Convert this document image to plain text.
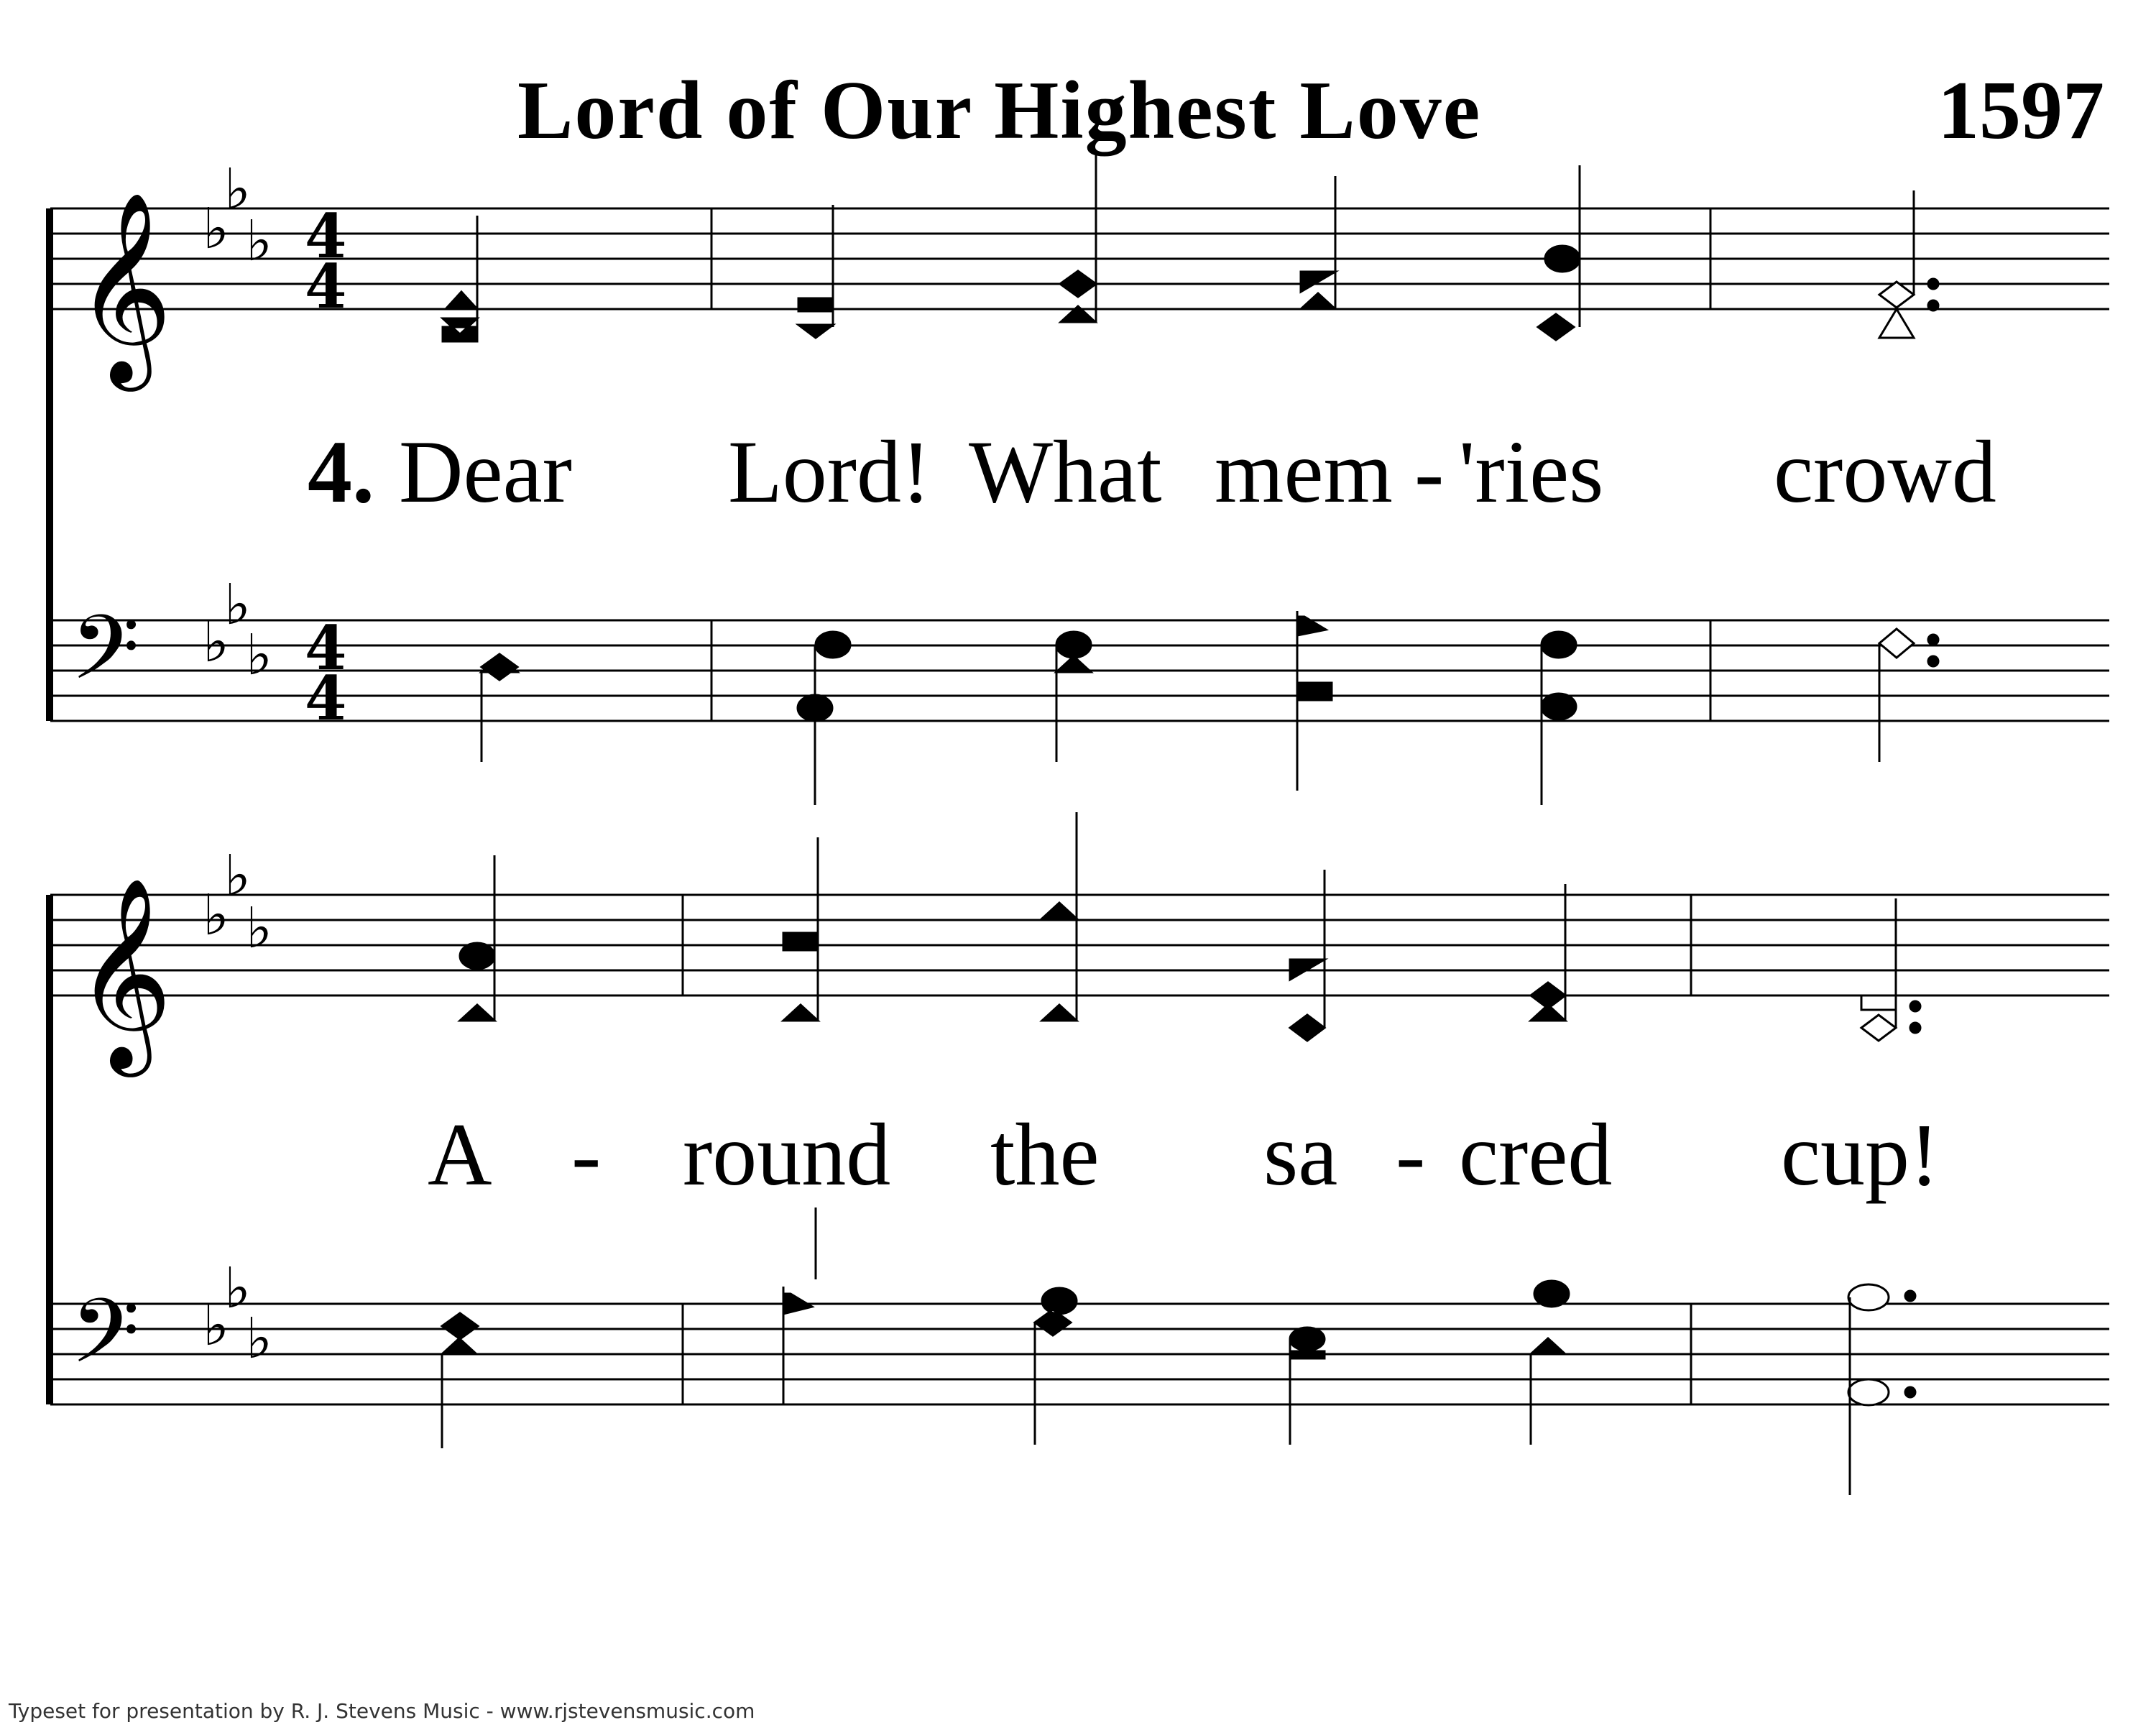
Lord of Our Highest Love	1597
𝄞
𝄞
𝄢
𝄢
♭
♭
♭
♭
♭
♭
♭
♭
♭
♭
♭
♭
4
4
4
4
4. Dear Lord! What mem - 'ries crowd
A - round the sa - cred cup!
Typeset for presentation by R. J. Stevens Music - www.rjstevensmusic.com
